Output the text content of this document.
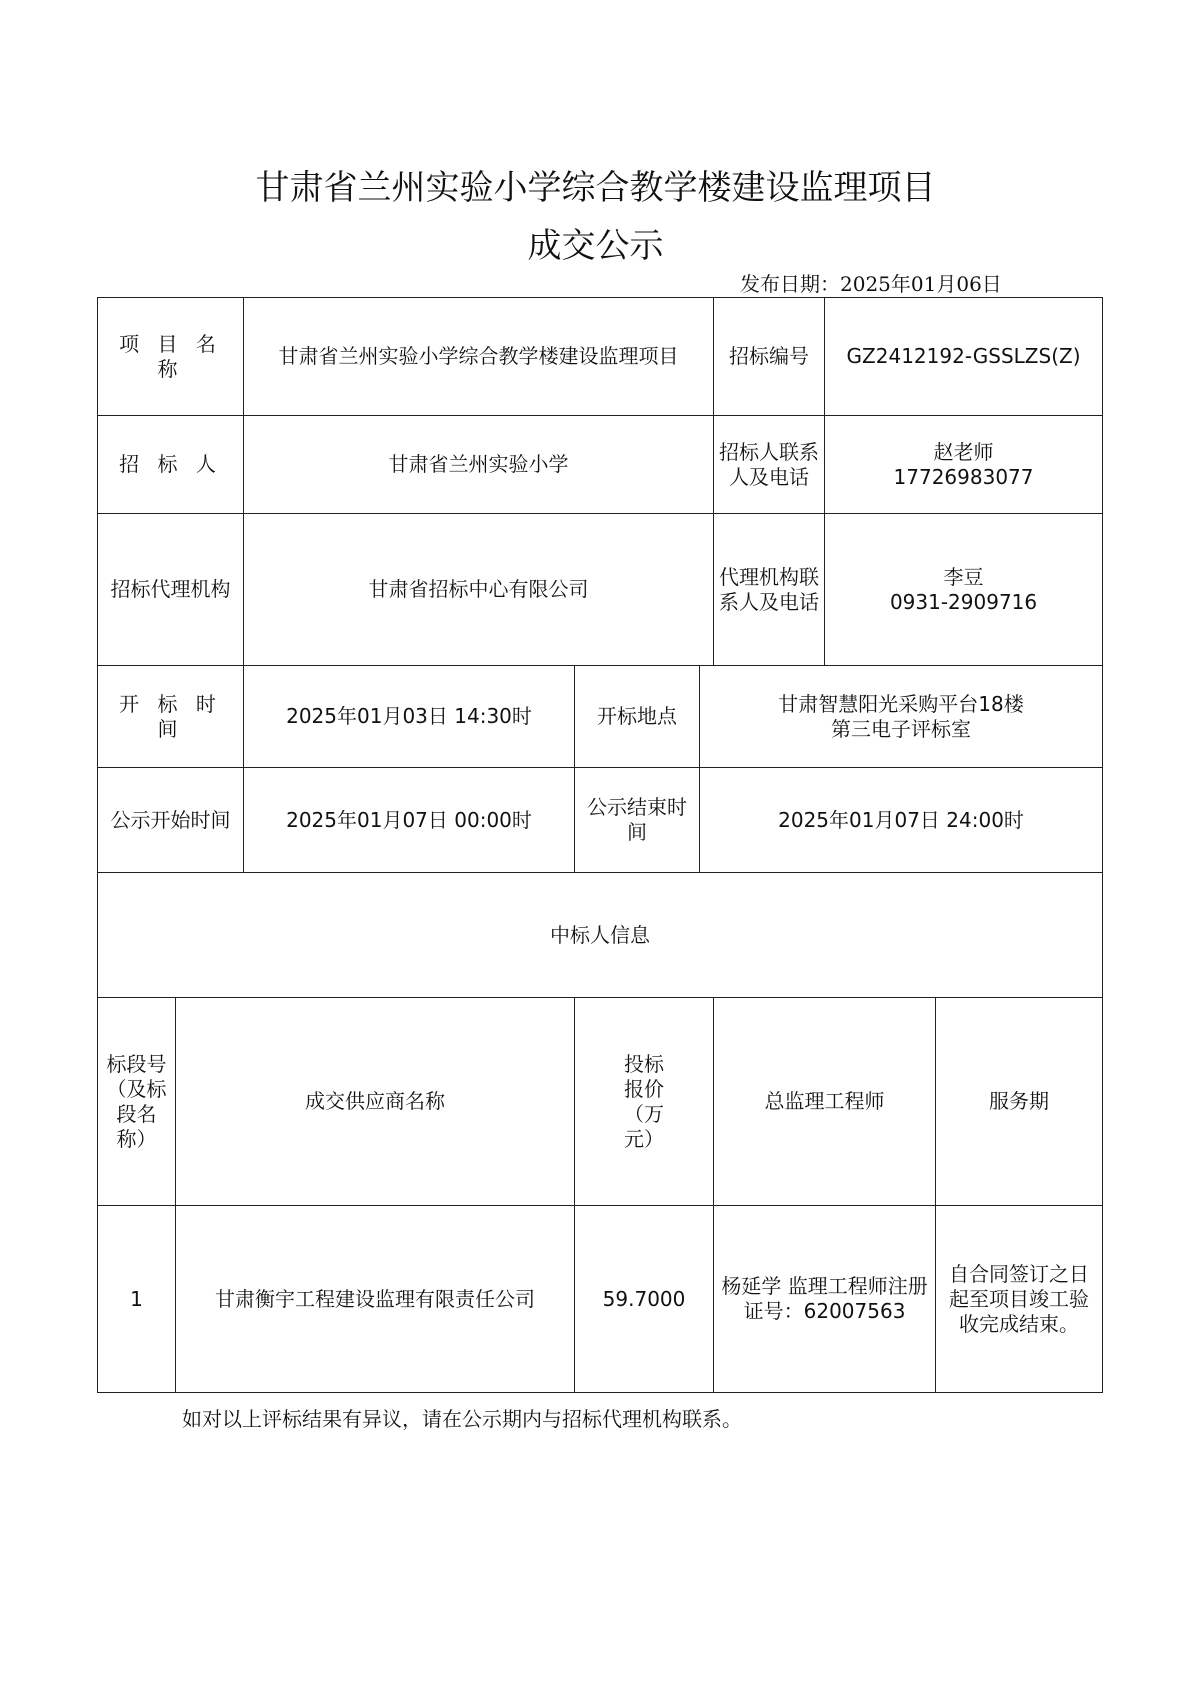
甘肃省兰州实验小学综合教学楼建设监理项目
成交公示
发布日期：2025年01月06日
项 目 名 称		甘肃省兰州实验小学综合教学楼建设监理项目			招标编号	GZ2412192-GSSLZS(Z)	
招 标 人		甘肃省兰州实验小学			招标人联系人及电话	赵老师
17726983077	

招标代理机构		甘肃省招标中心有限公司			代理机构联系人及电话	李豆
0931-2909716	

开 标 时 间		2025年01月03日 14:30时	开标地点	甘肃智慧阳光采购平台18楼
第三电子评标室			

公示开始时间		2025年01月07日 00:00时	公示结束时间	2025年01月07日 24:00时			
中标人信息							
标段号（及标段名称）	成交供应商名称		投标报价（万元）		总监理工程师		服务期
1	甘肃衡宇工程建设监理有限责任公司		59.7000		杨延学 监理工程师注册证号：62007563		自合同签订之日起至项目竣工验收完成结束。
如对以上评标结果有异议，请在公示期内与招标代理机构联系。
